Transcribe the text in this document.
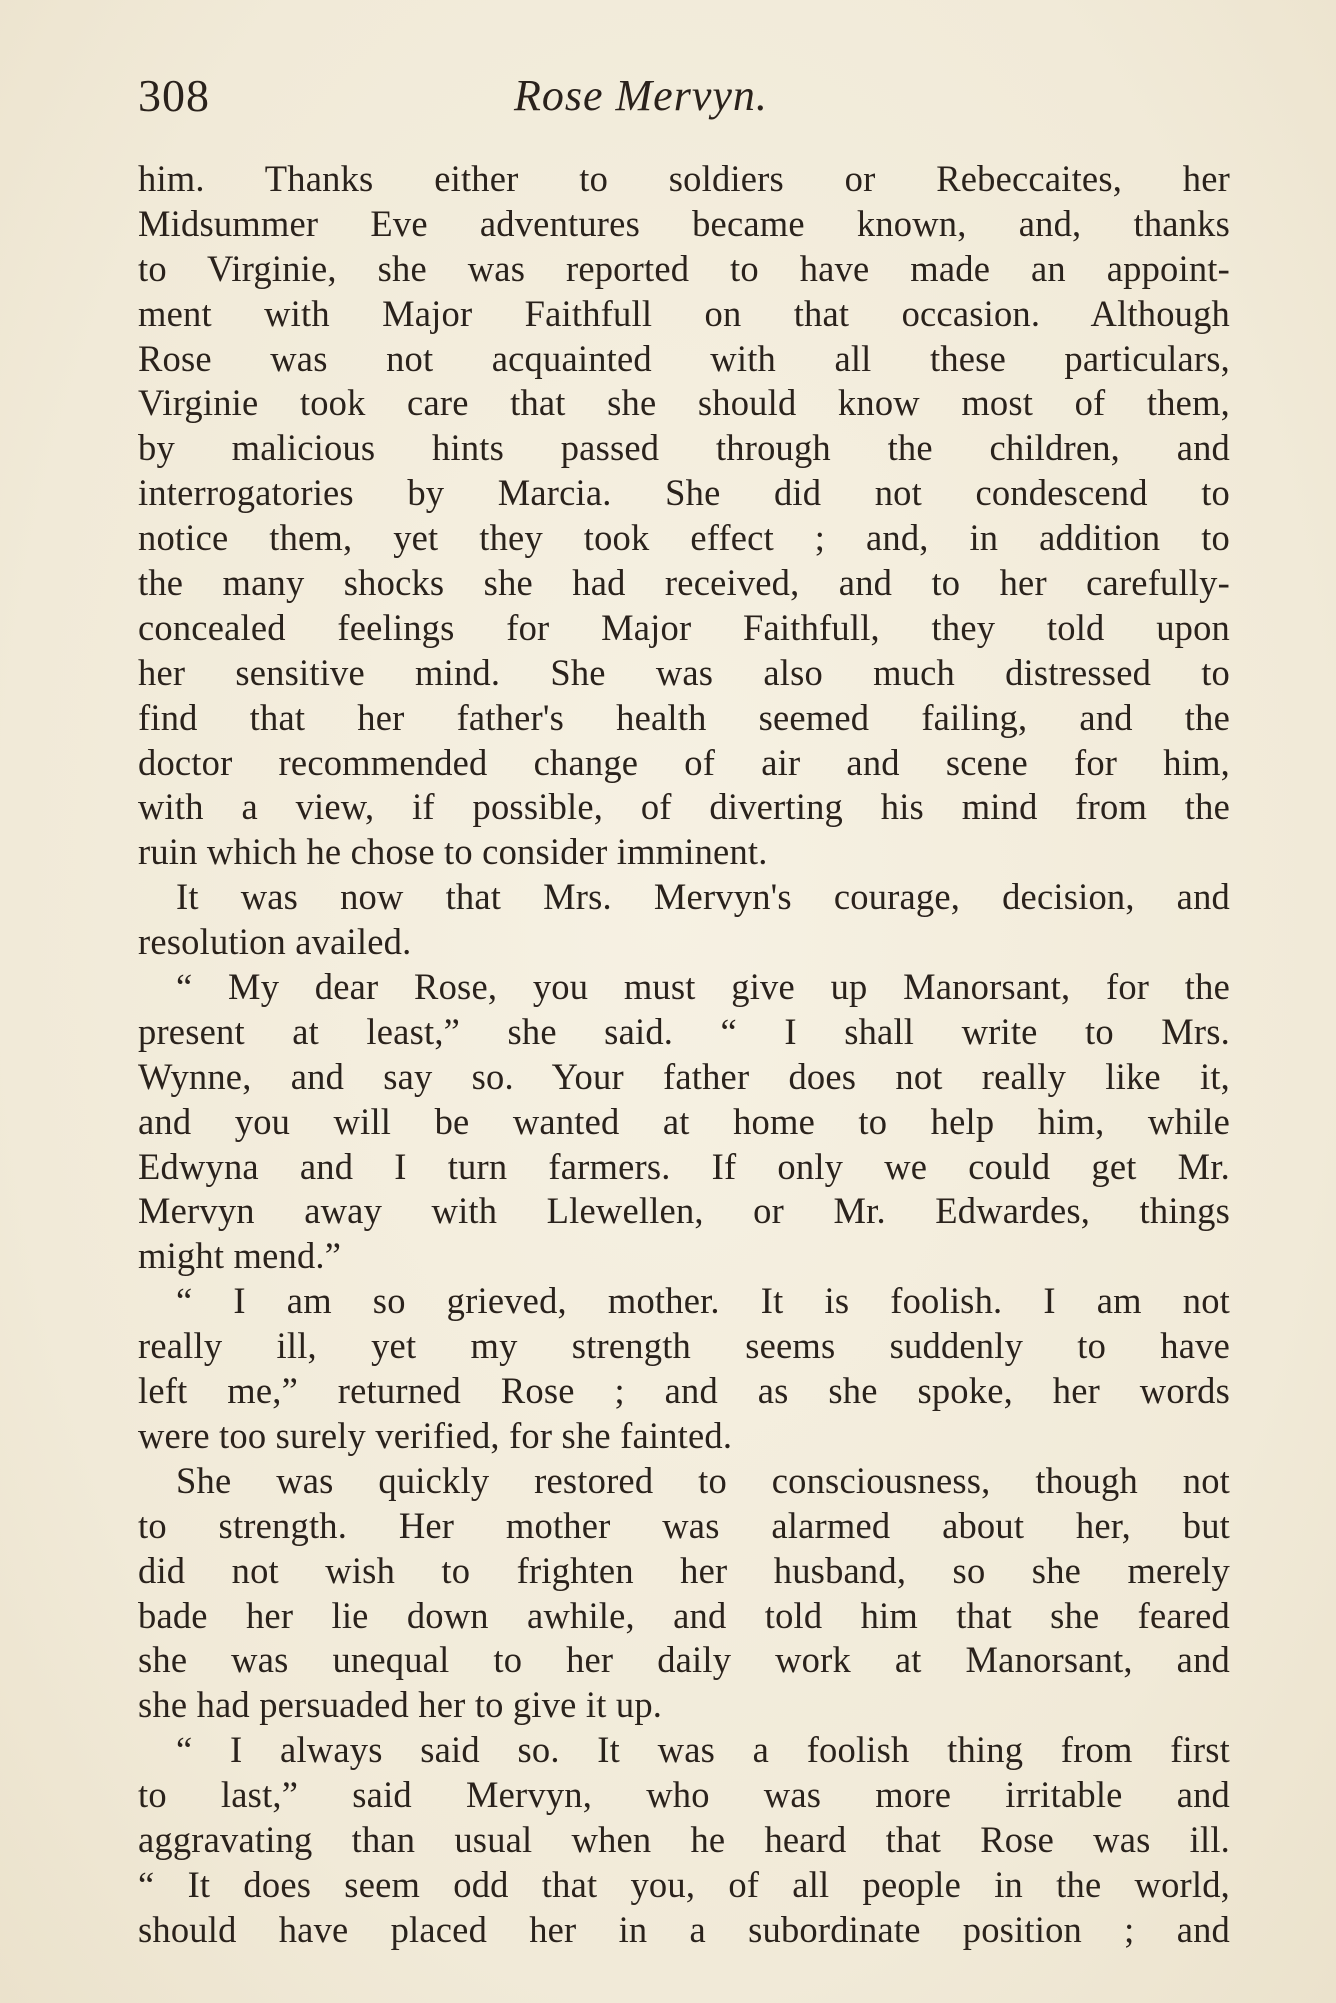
308	Rose Mervyn.
him. Thanks either to soldiers or Rebeccaites, her
Midsummer Eve adventures became known, and, thanks
to Virginie, she was reported to have made an appoint-
ment with Major Faithfull on that occasion. Although
Rose was not acquainted with all these particulars,
Virginie took care that she should know most of them,
by malicious hints passed through the children, and
interrogatories by Marcia. She did not condescend to
notice them, yet they took effect ; and, in addition to
the many shocks she had received, and to her carefully-
concealed feelings for Major Faithfull, they told upon
her sensitive mind. She was also much distressed to
find that her father's health seemed failing, and the
doctor recommended change of air and scene for him,
with a view, if possible, of diverting his mind from the
ruin which he chose to consider imminent.
It was now that Mrs. Mervyn's courage, decision, and
resolution availed.
“ My dear Rose, you must give up Manorsant, for the
present at least,” she said. “ I shall write to Mrs.
Wynne, and say so. Your father does not really like it,
and you will be wanted at home to help him, while
Edwyna and I turn farmers. If only we could get Mr.
Mervyn away with Llewellen, or Mr. Edwardes, things
might mend.”
“ I am so grieved, mother. It is foolish. I am not
really ill, yet my strength seems suddenly to have
left me,” returned Rose ; and as she spoke, her words
were too surely verified, for she fainted.
She was quickly restored to consciousness, though not
to strength. Her mother was alarmed about her, but
did not wish to frighten her husband, so she merely
bade her lie down awhile, and told him that she feared
she was unequal to her daily work at Manorsant, and
she had persuaded her to give it up.
“ I always said so. It was a foolish thing from first
to last,” said Mervyn, who was more irritable and
aggravating than usual when he heard that Rose was ill.
“ It does seem odd that you, of all people in the world,
should have placed her in a subordinate position ; and
